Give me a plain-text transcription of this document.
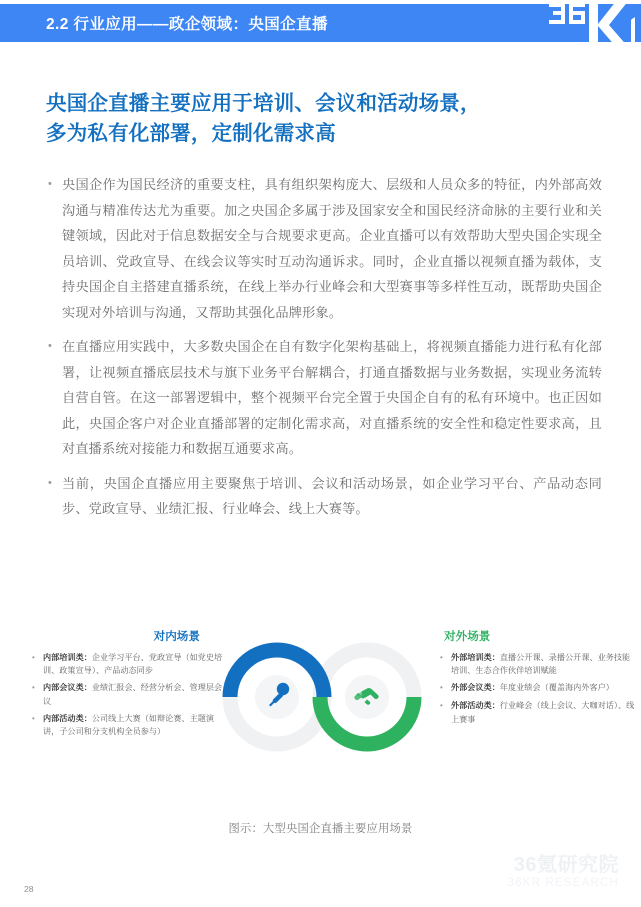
2.2 行业应用——政企领域：央国企直播
央国企直播主要应用于培训、会议和活动场景，
多为私有化部署，定制化需求高
• 央国企作为国民经济的重要支柱，具有组织架构庞大、层级和人员众多的特征，内外部高效沟通与精准传达尤为重要。加之央国企多属于涉及国家安全和国民经济命脉的主要行业和关键领域，因此对于信息数据安全与合规要求更高。企业直播可以有效帮助大型央国企实现全员培训、党政宣导、在线会议等实时互动沟通诉求。同时，企业直播以视频直播为载体，支持央国企自主搭建直播系统，在线上举办行业峰会和大型赛事等多样性互动，既帮助央国企实现对外培训与沟通，又帮助其强化品牌形象。
• 在直播应用实践中，大多数央国企在自有数字化架构基础上，将视频直播能力进行私有化部署，让视频直播底层技术与旗下业务平台解耦合，打通直播数据与业务数据，实现业务流转自营自管。在这一部署逻辑中，整个视频平台完全置于央国企自有的私有环境中。也正因如此，央国企客户对企业直播部署的定制化需求高，对直播系统的安全性和稳定性要求高，且对直播系统对接能力和数据互通要求高。
• 当前，央国企直播应用主要聚焦于培训、会议和活动场景，如企业学习平台、产品动态同步、党政宣导、业绩汇报、行业峰会、线上大赛等。
对内场景
•	内部培训类：企业学习平台、党政宣导（如党史培训、政策宣导）、产品动态同步
•	内部会议类：业绩汇报会、经营分析会、管理层会议
•	内部活动类：公司线上大赛（如辩论赛、主题演讲，子公司和分支机构全员参与）
对外场景
•	外部培训类：直播公开课、录播公开课、业务技能培训、生态合作伙伴培训赋能
•	外部会议类：年度业绩会（覆盖海内外客户）
•	外部活动类：行业峰会（线上会议、大咖对话）、线上赛事
图示：大型央国企直播主要应用场景
28
36氪研究院
36KR RESEARCH
